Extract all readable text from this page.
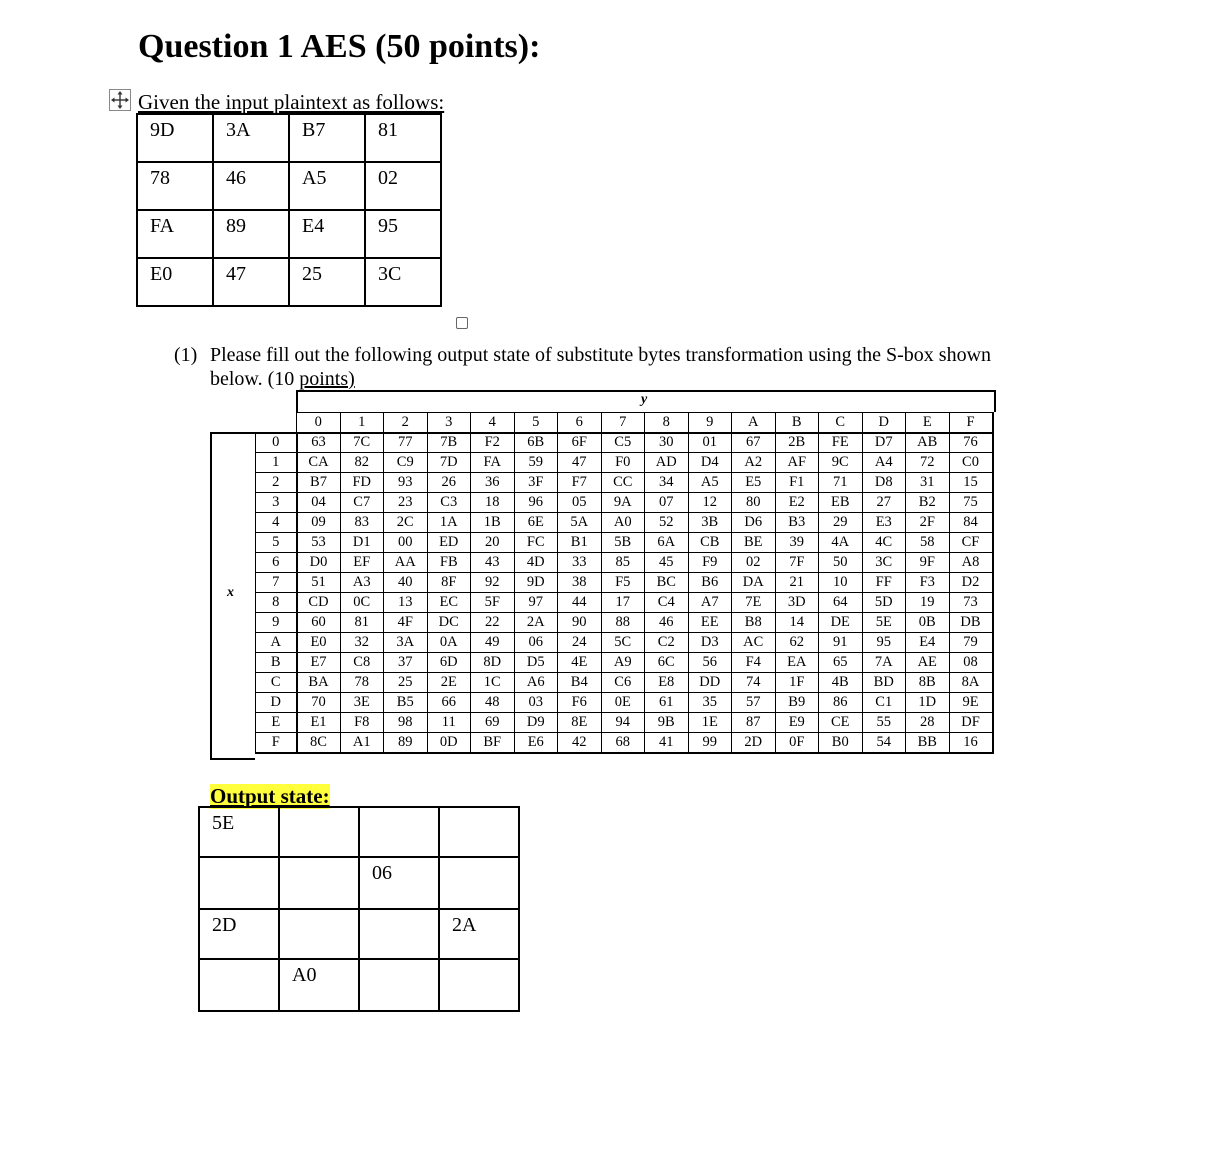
Question 1 AES (50 points):
Given the input plaintext as follows:
9D	3A	B7	81
78	46	A5	02
FA	89	E4	95
E0	47	25	3C
(1) Please fill out the following output state of substitute bytes transformation using the S-box shown
below. (10 points)
y
x
	0	1	2	3	4	5	6	7	8	9	A	B	C	D	E	F
0	63	7C	77	7B	F2	6B	6F	C5	30	01	67	2B	FE	D7	AB	76
1	CA	82	C9	7D	FA	59	47	F0	AD	D4	A2	AF	9C	A4	72	C0
2	B7	FD	93	26	36	3F	F7	CC	34	A5	E5	F1	71	D8	31	15
3	04	C7	23	C3	18	96	05	9A	07	12	80	E2	EB	27	B2	75
4	09	83	2C	1A	1B	6E	5A	A0	52	3B	D6	B3	29	E3	2F	84
5	53	D1	00	ED	20	FC	B1	5B	6A	CB	BE	39	4A	4C	58	CF
6	D0	EF	AA	FB	43	4D	33	85	45	F9	02	7F	50	3C	9F	A8
7	51	A3	40	8F	92	9D	38	F5	BC	B6	DA	21	10	FF	F3	D2
8	CD	0C	13	EC	5F	97	44	17	C4	A7	7E	3D	64	5D	19	73
9	60	81	4F	DC	22	2A	90	88	46	EE	B8	14	DE	5E	0B	DB
A	E0	32	3A	0A	49	06	24	5C	C2	D3	AC	62	91	95	E4	79
B	E7	C8	37	6D	8D	D5	4E	A9	6C	56	F4	EA	65	7A	AE	08
C	BA	78	25	2E	1C	A6	B4	C6	E8	DD	74	1F	4B	BD	8B	8A
D	70	3E	B5	66	48	03	F6	0E	61	35	57	B9	86	C1	1D	9E
E	E1	F8	98	11	69	D9	8E	94	9B	1E	87	E9	CE	55	28	DF
F	8C	A1	89	0D	BF	E6	42	68	41	99	2D	0F	B0	54	BB	16
Output state:
5E			
		06	
2D			2A
	A0		
